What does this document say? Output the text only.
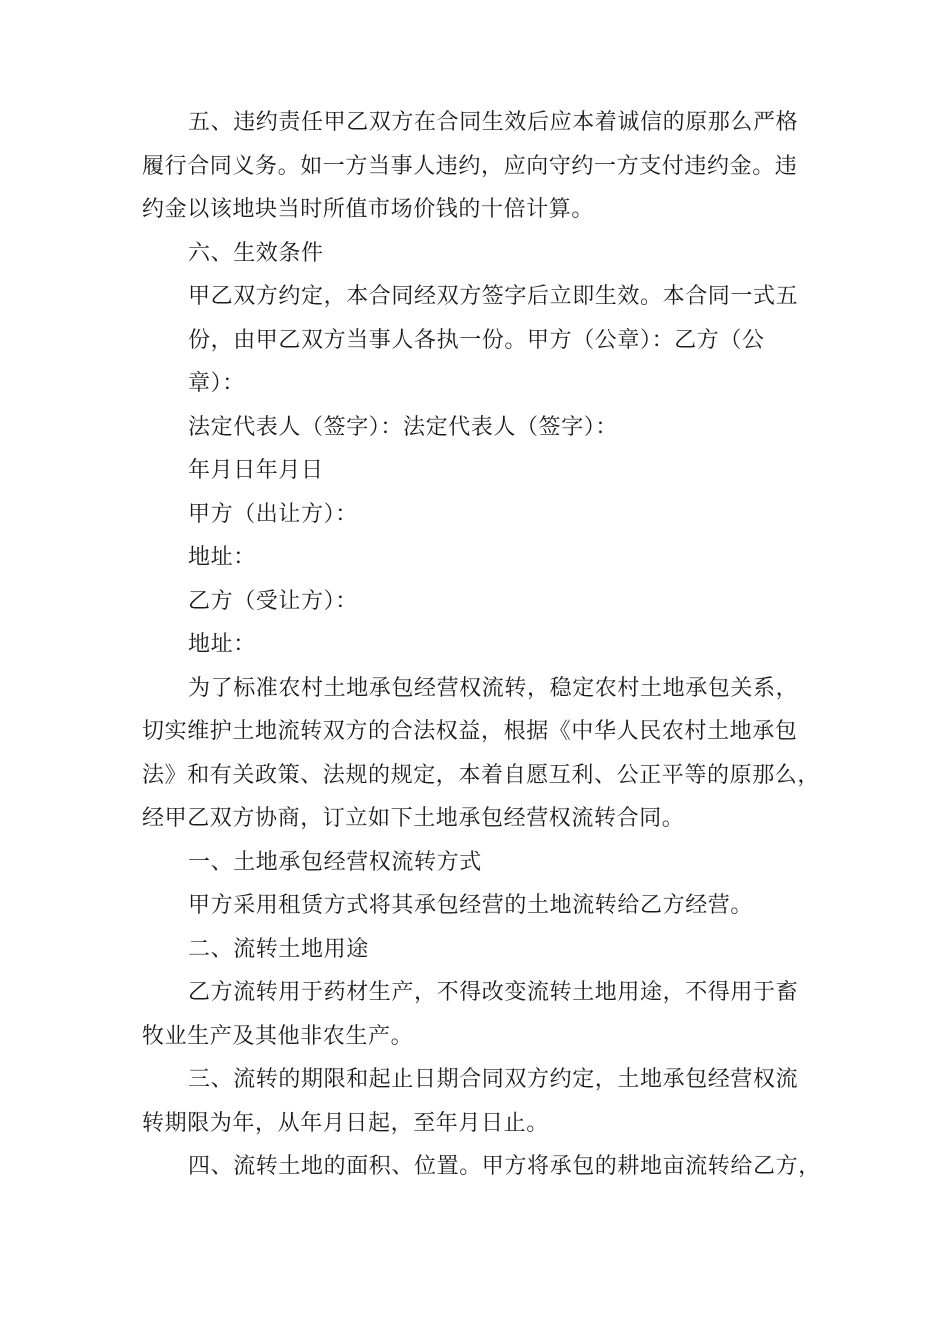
五、违约责任甲乙双方在合同生效后应本着诚信的原那么严格
履行合同义务。如一方当事人违约，应向守约一方支付违约金。违
约金以该地块当时所值市场价钱的十倍计算。
六、生效条件
甲乙双方约定，本合同经双方签字后立即生效。本合同一式五
份，由甲乙双方当事人各执一份。甲方（公章）：乙方（公
章）：
法定代表人（签字）：法定代表人（签字）：
年月日年月日
甲方（出让方）：
地址：
乙方（受让方）：
地址：
为了标准农村土地承包经营权流转，稳定农村土地承包关系，
切实维护土地流转双方的合法权益，根据《中华人民农村土地承包
法》和有关政策、法规的规定，本着自愿互利、公正平等的原那么，
经甲乙双方协商，订立如下土地承包经营权流转合同。
一、土地承包经营权流转方式
甲方采用租赁方式将其承包经营的土地流转给乙方经营。
二、流转土地用途
乙方流转用于药材生产，不得改变流转土地用途，不得用于畜
牧业生产及其他非农生产。
三、流转的期限和起止日期合同双方约定，土地承包经营权流
转期限为年，从年月日起，至年月日止。
四、流转土地的面积、位置。甲方将承包的耕地亩流转给乙方，
